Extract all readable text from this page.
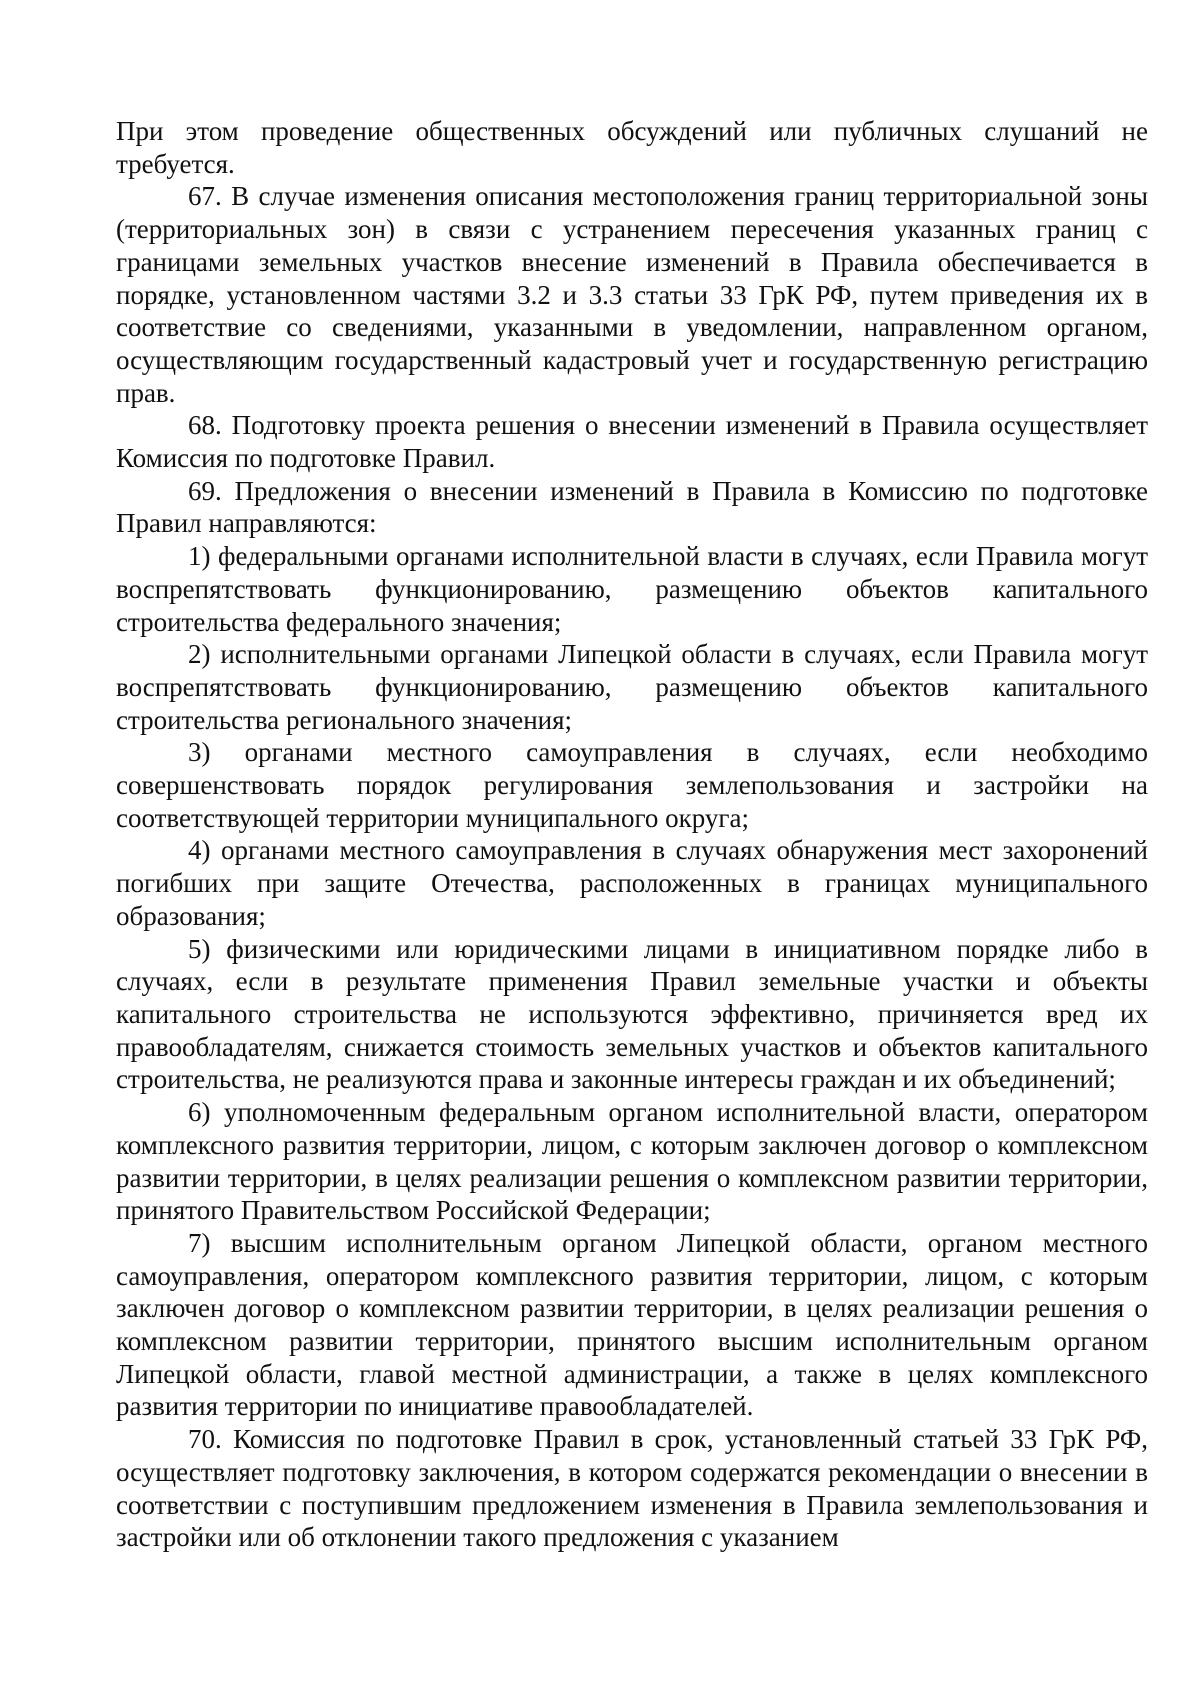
При этом проведение общественных обсуждений или публичных слушаний не требуется.

67. В случае изменения описания местоположения границ территориальной зоны (территориальных зон) в связи с устранением пересечения указанных границ с границами земельных участков внесение изменений в Правила обеспечивается в порядке, установленном частями 3.2 и 3.3 статьи 33 ГрК РФ, путем приведения их в соответствие со сведениями, указанными в уведомлении, направленном органом, осуществляющим государственный кадастровый учет и государственную регистрацию прав.

68. Подготовку проекта решения о внесении изменений в Правила осуществляет Комиссия по подготовке Правил.

69. Предложения о внесении изменений в Правила в Комиссию по подготовке Правил направляются:

1) федеральными органами исполнительной власти в случаях, если Правила могут воспрепятствовать функционированию, размещению объектов капитального строительства федерального значения;

2) исполнительными органами Липецкой области в случаях, если Правила могут воспрепятствовать функционированию, размещению объектов капитального строительства регионального значения;

3) органами местного самоуправления в случаях, если необходимо совершенствовать порядок регулирования землепользования и застройки на соответствующей территории муниципального округа;

4) органами местного самоуправления в случаях обнаружения мест захоронений погибших при защите Отечества, расположенных в границах муниципального образования;

5) физическими или юридическими лицами в инициативном порядке либо в случаях, если в результате применения Правил земельные участки и объекты капитального строительства не используются эффективно, причиняется вред их правообладателям, снижается стоимость земельных участков и объектов капитального строительства, не реализуются права и законные интересы граждан и их объединений;

6) уполномоченным федеральным органом исполнительной власти, оператором комплексного развития территории, лицом, с которым заключен договор о комплексном развитии территории, в целях реализации решения о комплексном развитии территории, принятого Правительством Российской Федерации;

7) высшим исполнительным органом Липецкой области, органом местного самоуправления, оператором комплексного развития территории, лицом, с которым заключен договор о комплексном развитии территории, в целях реализации решения о комплексном развитии территории, принятого высшим исполнительным органом Липецкой области, главой местной администрации, а также в целях комплексного развития территории по инициативе правообладателей.

70. Комиссия по подготовке Правил в срок, установленный статьей 33 ГрК РФ, осуществляет подготовку заключения, в котором содержатся рекомендации о внесении в соответствии с поступившим предложением изменения в Правила землепользования и застройки или об отклонении такого предложения с указанием
